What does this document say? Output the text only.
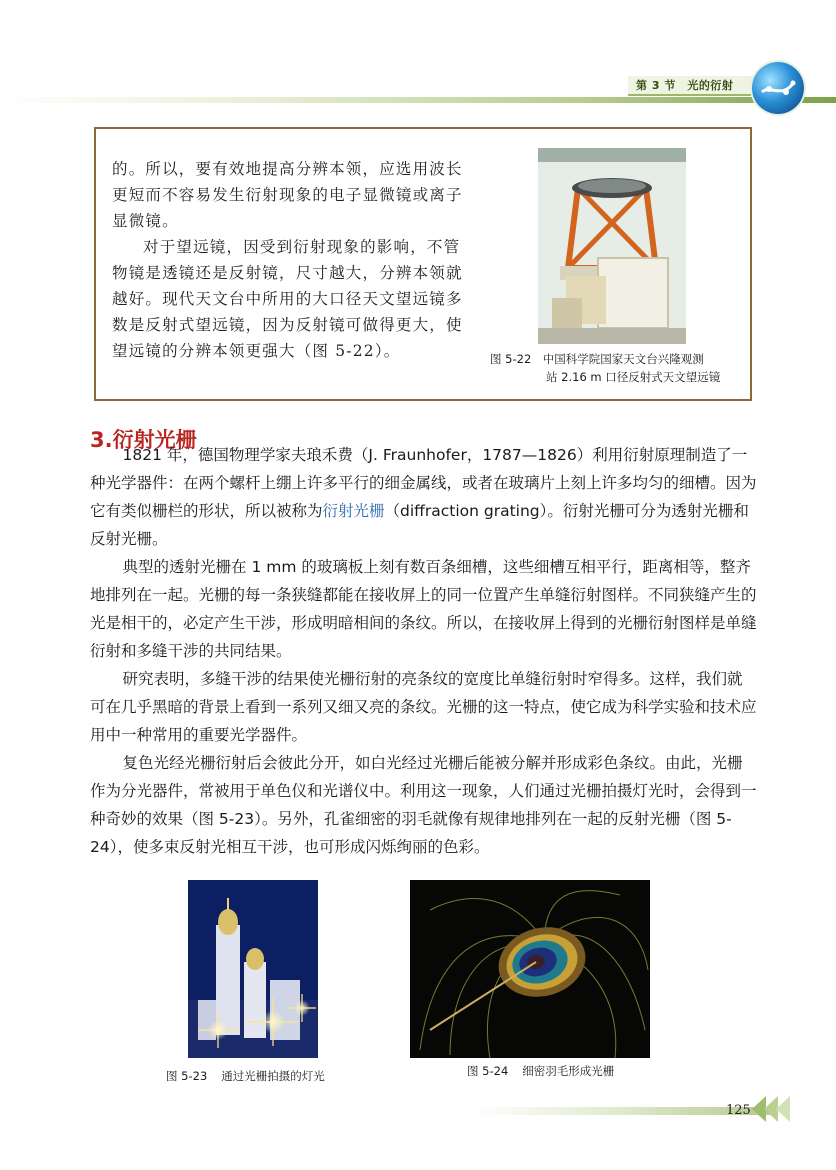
第 3 节　光的衍射

的。所以，要有效地提高分辨本领，应选用波长更短而不容易发生衍射现象的电子显微镜或离子显微镜。

对于望远镜，因受到衍射现象的影响，不管物镜是透镜还是反射镜，尺寸越大，分辨本领就越好。现代天文台中所用的大口径天文望远镜多数是反射式望远镜，因为反射镜可做得更大，使望远镜的分辨本领更强大（图 5-22）。	图 5-22　中国科学院国家天文台兴隆观测
站 2.16 m 口径反射式天文望远镜
3.衍射光栅

1821 年，德国物理学家夫琅禾费（J. Fraunhofer，1787—1826）利用衍射原理制造了一种光学器件：在两个螺杆上绷上许多平行的细金属线，或者在玻璃片上刻上许多均匀的细槽。因为它有类似栅栏的形状，所以被称为衍射光栅（diffraction grating）。衍射光栅可分为透射光栅和反射光栅。

典型的透射光栅在 1 mm 的玻璃板上刻有数百条细槽，这些细槽互相平行，距离相等，整齐地排列在一起。光栅的每一条狭缝都能在接收屏上的同一位置产生单缝衍射图样。不同狭缝产生的光是相干的，必定产生干涉，形成明暗相间的条纹。所以，在接收屏上得到的光栅衍射图样是单缝衍射和多缝干涉的共同结果。

研究表明，多缝干涉的结果使光栅衍射的亮条纹的宽度比单缝衍射时窄得多。这样，我们就可在几乎黑暗的背景上看到一系列又细又亮的条纹。光栅的这一特点，使它成为科学实验和技术应用中一种常用的重要光学器件。

复色光经光栅衍射后会彼此分开，如白光经过光栅后能被分解并形成彩色条纹。由此，光栅作为分光器件，常被用于单色仪和光谱仪中。利用这一现象，人们通过光栅拍摄灯光时，会得到一种奇妙的效果（图 5-23）。另外，孔雀细密的羽毛就像有规律地排列在一起的反射光栅（图 5-24），使多束反射光相互干涉，也可形成闪烁绚丽的色彩。

图 5-23 通过光栅拍摄的灯光	图 5-24 细密羽毛形成光栅
125
